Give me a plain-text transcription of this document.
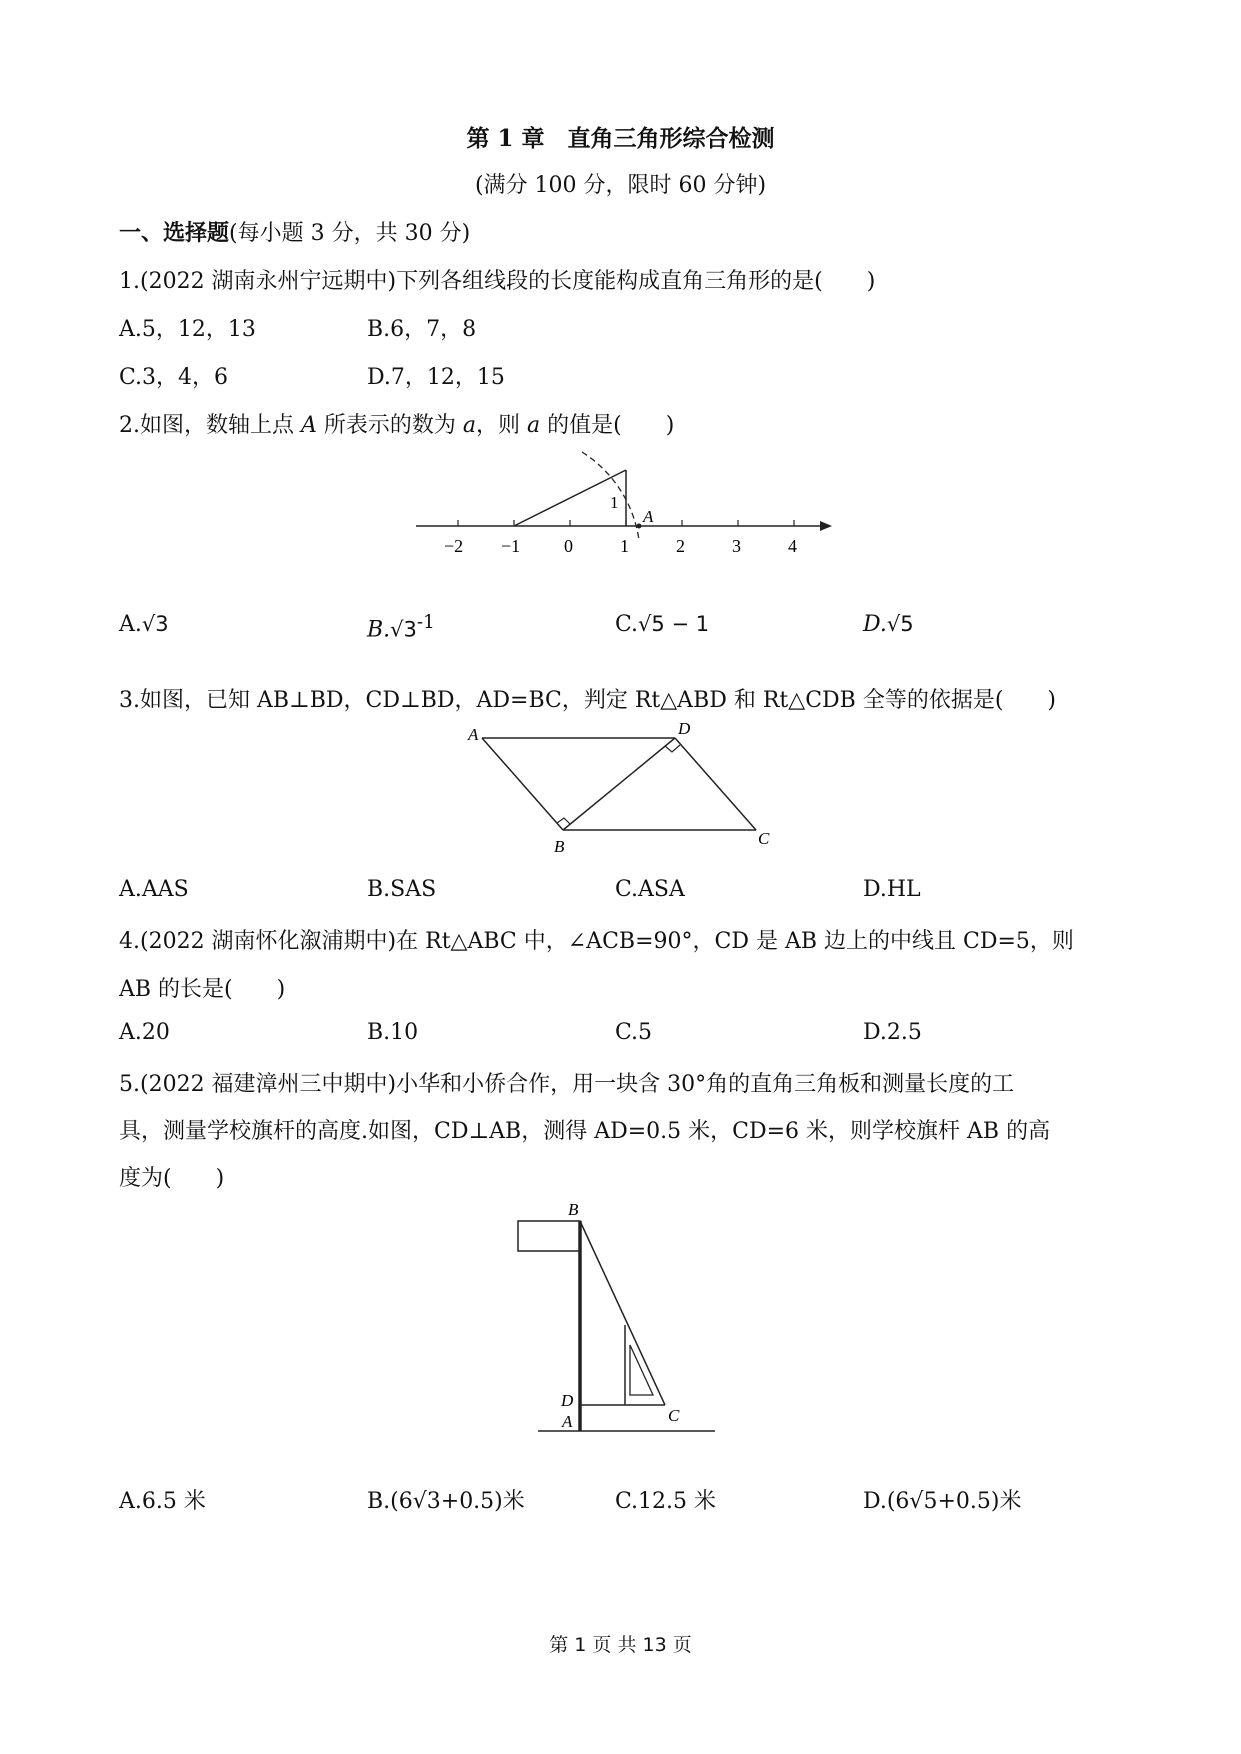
第 1 章　直角三角形综合检测
(满分 100 分，限时 60 分钟)
一、选择题(每小题 3 分，共 30 分)
1.(2022 湖南永州宁远期中)下列各组线段的长度能构成直角三角形的是(　　)
A.5，12，13	B.6，7，8
C.3，4，6	D.7，12，15
2.如图，数轴上点 A 所表示的数为 a，则 a 的值是(　　)
1
A
−2 −1 0	1	2	3	4
A.√3	$B.√3^{-1}$	C.√5 − 1	D.√5
3.如图，已知 AB⊥BD，CD⊥BD，AD=BC，判定 Rt△ABD 和 Rt△CDB 全等的依据是(　　)
A	D
B	C
A.AAS	B.SAS	C.ASA	D.HL
4.(2022 湖南怀化溆浦期中)在 Rt△ABC 中，∠ACB=90°，CD 是 AB 边上的中线且 CD=5，则
AB 的长是(　　)
A.20	B.10	C.5	D.2.5
5.(2022 福建漳州三中期中)小华和小侨合作，用一块含 30°角的直角三角板和测量长度的工
具，测量学校旗杆的高度.如图，CD⊥AB，测得 AD=0.5 米，CD=6 米，则学校旗杆 AB 的高
度为(　　)
B
D
A	C
A.6.5 米	B.(6√3+0.5)米	C.12.5 米	D.(6√5+0.5)米
第 1 页 共 13 页
